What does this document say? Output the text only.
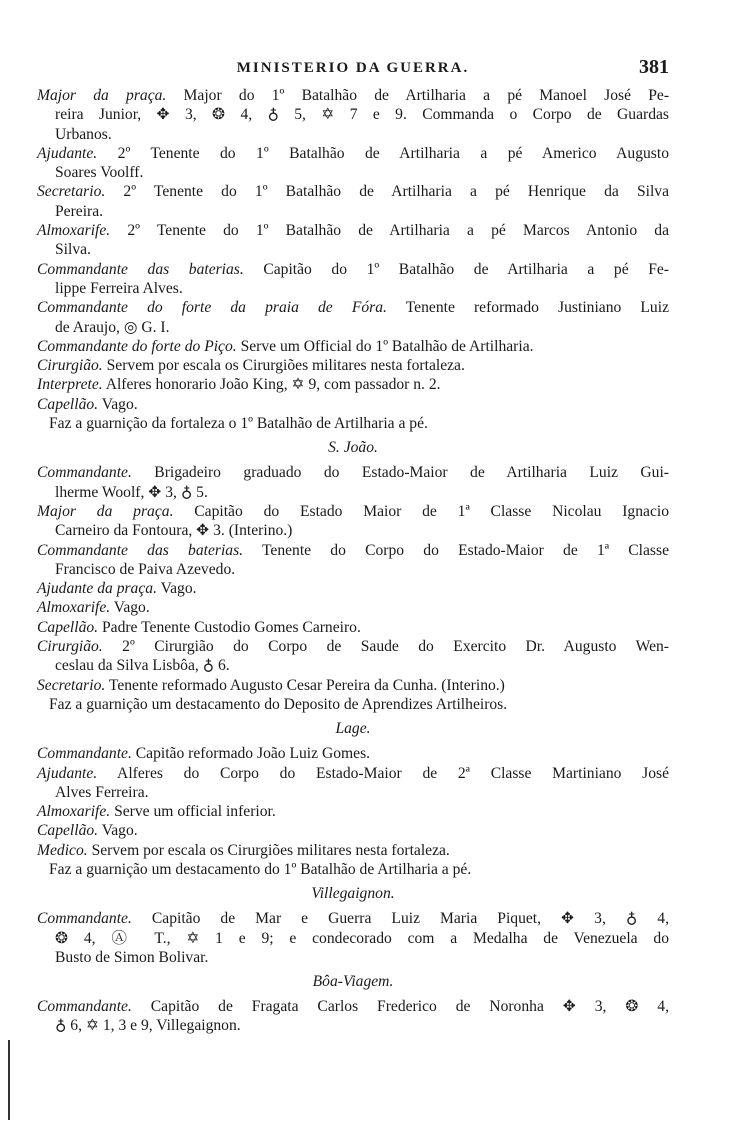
MINISTERIO DA GUERRA.	381
Major da praça. Major do 1º Batalhão de Artilharia a pé Manoel José Pe-
reira Junior, ✥ 3, ❂ 4, ♁ 5, ✡ 7 e 9. Commanda o Corpo de Guardas
Urbanos.
Ajudante. 2º Tenente do 1º Batalhão de Artilharia a pé Americo Augusto
Soares Voolff.
Secretario. 2º Tenente do 1º Batalhão de Artilharia a pé Henrique da Silva
Pereira.
Almoxarife. 2º Tenente do 1º Batalhão de Artilharia a pé Marcos Antonio da
Silva.
Commandante das baterias. Capitão do 1º Batalhão de Artilharia a pé Fe-
lippe Ferreira Alves.
Commandante do forte da praia de Fóra. Tenente reformado Justiniano Luiz
de Araujo, ◎ G. I.
Commandante do forte do Piço. Serve um Official do 1º Batalhão de Artilharia.
Cirurgião. Servem por escala os Cirurgiões militares nesta fortaleza.
Interprete. Alferes honorario João King, ✡ 9, com passador n. 2.
Capellão. Vago.
Faz a guarnição da fortaleza o 1º Batalhão de Artilharia a pé.
S. João.
Commandante. Brigadeiro graduado do Estado-Maior de Artilharia Luiz Gui-
lherme Woolf, ✥ 3, ♁ 5.
Major da praça. Capitão do Estado Maior de 1ª Classe Nicolau Ignacio
Carneiro da Fontoura, ✥ 3. (Interino.)
Commandante das baterias. Tenente do Corpo do Estado-Maior de 1ª Classe
Francisco de Paiva Azevedo.
Ajudante da praça. Vago.
Almoxarife. Vago.
Capellão. Padre Tenente Custodio Gomes Carneiro.
Cirurgião. 2º Cirurgião do Corpo de Saude do Exercito Dr. Augusto Wen-
ceslau da Silva Lisbôa, ♁ 6.
Secretario. Tenente reformado Augusto Cesar Pereira da Cunha. (Interino.)
Faz a guarnição um destacamento do Deposito de Aprendizes Artilheiros.
Lage.
Commandante. Capitão reformado João Luiz Gomes.
Ajudante. Alferes do Corpo do Estado-Maior de 2ª Classe Martiniano José
Alves Ferreira.
Almoxarife. Serve um official inferior.
Capellão. Vago.
Medico. Servem por escala os Cirurgiões militares nesta fortaleza.
Faz a guarnição um destacamento do 1º Batalhão de Artilharia a pé.
Villegaignon.
Commandante. Capitão de Mar e Guerra Luiz Maria Piquet, ✥ 3, ♁ 4,
❂ 4, Ⓐ T., ✡ 1 e 9; e condecorado com a Medalha de Venezuela do
Busto de Simon Bolivar.
Bôa-Viagem.
Commandante. Capitão de Fragata Carlos Frederico de Noronha ✥ 3, ❂ 4,
♁ 6, ✡ 1, 3 e 9, Villegaignon.
